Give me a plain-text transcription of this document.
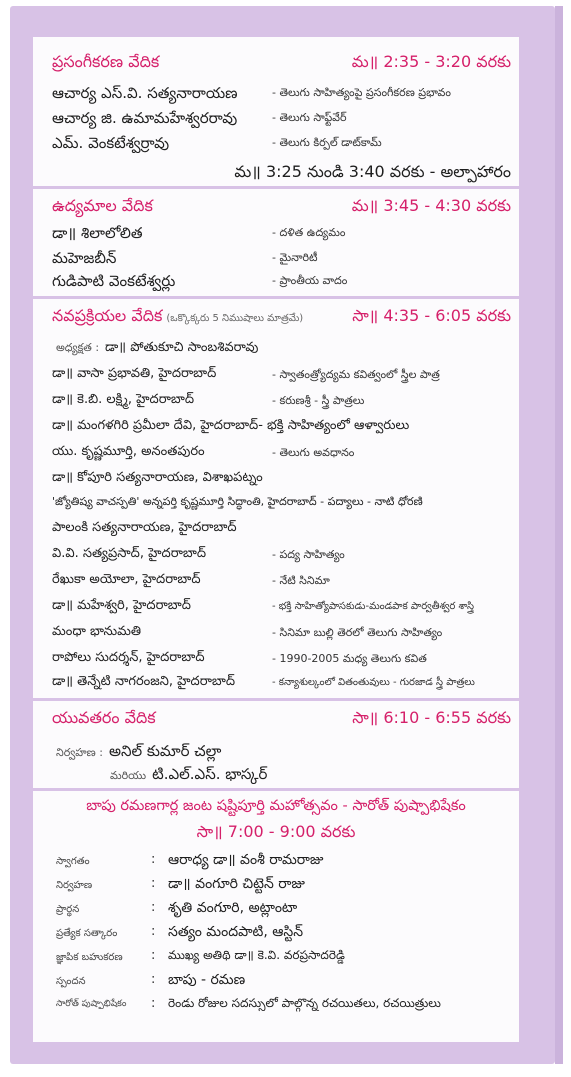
ప్రసంగీకరణ వేదిక	మ॥ 2:35 - 3:20 వరకు
ఆచార్య ఎస్.వి. సత్యనారాయణ	- తెలుగు సాహిత్యంపై ప్రసంగీకరణ ప్రభావం
ఆచార్య జి. ఉమామహేశ్వరరావు	- తెలుగు సాఫ్ట్‌వేర్
ఎమ్. వెంకటేశ్వర్రావు	- తెలుగు కిర్పల్ డాట్‌కామ్
మ॥ 3:25 నుండి 3:40 వరకు - అల్పాహారం
ఉద్యమాల వేదిక	మ॥ 3:45 - 4:30 వరకు
డా॥ శిలాలోలిత	- దళిత ఉద్యమం
మహెజబీన్	- మైనారిటీ
గుడిపాటి వెంకటేశ్వర్లు	- ప్రాంతీయ వాదం
నవప్రక్రియల వేదిక (ఒక్కొక్కరు 5 నిముషాలు మాత్రమే)	సా॥ 4:35 - 6:05 వరకు
అధ్యక్షత : డా॥ పోతుకూచి సాంబశివరావు
డా॥ వాసా ప్రభావతి, హైదరాబాద్	- స్వాతంత్ర్యోద్యమ కవిత్వంలో స్త్రీల పాత్ర
డా॥ కె.బి. లక్ష్మి, హైదరాబాద్	- కరుణశ్రీ - స్త్రీ పాత్రలు
డా॥ మంగళగిరి ప్రమీలా దేవి, హైదరాబాద్- భక్తి సాహిత్యంలో ఆళ్వారులు
యు. కృష్ణమూర్తి, అనంతపురం	- తెలుగు అవధానం
డా॥ కోపూరి సత్యనారాయణ, విశాఖపట్నం
'జ్యోతిష్య వాచస్పతి' అన్నపర్తి కృష్ణమూర్తి సిద్ధాంతి, హైదరాబాద్ - పద్యాలు - నాటి ధోరణి
పాలంకి సత్యనారాయణ, హైదరాబాద్
వి.వి. సత్యప్రసాద్, హైదరాబాద్	- పద్య సాహిత్యం
రేఖుకా అయోలా, హైదరాబాద్	- నేటి సినిమా
డా॥ మహేశ్వరి, హైదరాబాద్	- భక్తి సాహిత్యోపాసకుడు-మండపాక పార్వతీశ్వర శాస్త్రి
మంధా భానుమతి	- సినిమా బుల్లి తెరలో తెలుగు సాహిత్యం
రాపోలు సుదర్శన్, హైదరాబాద్	- 1990-2005 మధ్య తెలుగు కవిత
డా॥ తెన్నేటి నాగరంజని, హైదరాబాద్	- కన్యాశుల్కంలో వితంతువులు - గురజాడ స్త్రీ పాత్రలు
యువతరం వేదిక	సా॥ 6:10 - 6:55 వరకు
నిర్వహణ : అనిల్ కుమార్ చల్లా
మరియు టి.ఎల్.ఎస్. భాస్కర్
బాపు రమణగార్ల జంట షష్టిపూర్తి మహోత్సవం - సారోత్ పుష్పాభిషేకం
సా॥ 7:00 - 9:00 వరకు
స్వాగతం	: ఆరాధ్య డా॥ వంశీ రామరాజు
నిర్వహణ	: డా॥ వంగూరి చిట్టెన్ రాజు
ప్రార్థన	: శృతి వంగూరి, అట్లాంటా
ప్రత్యేక సత్కారం	: సత్యం మందపాటి, ఆస్టిన్
జ్ఞాపిక బహుకరణ : ముఖ్య అతిథి డా॥ కె.వి. వరప్రసాదరెడ్డి
స్పందన	: బాపు - రమణ
సారోత్ పుష్పాభిషేకం : రెండు రోజుల సదస్సులో పాల్గొన్న రచయితలు, రచయిత్రులు
